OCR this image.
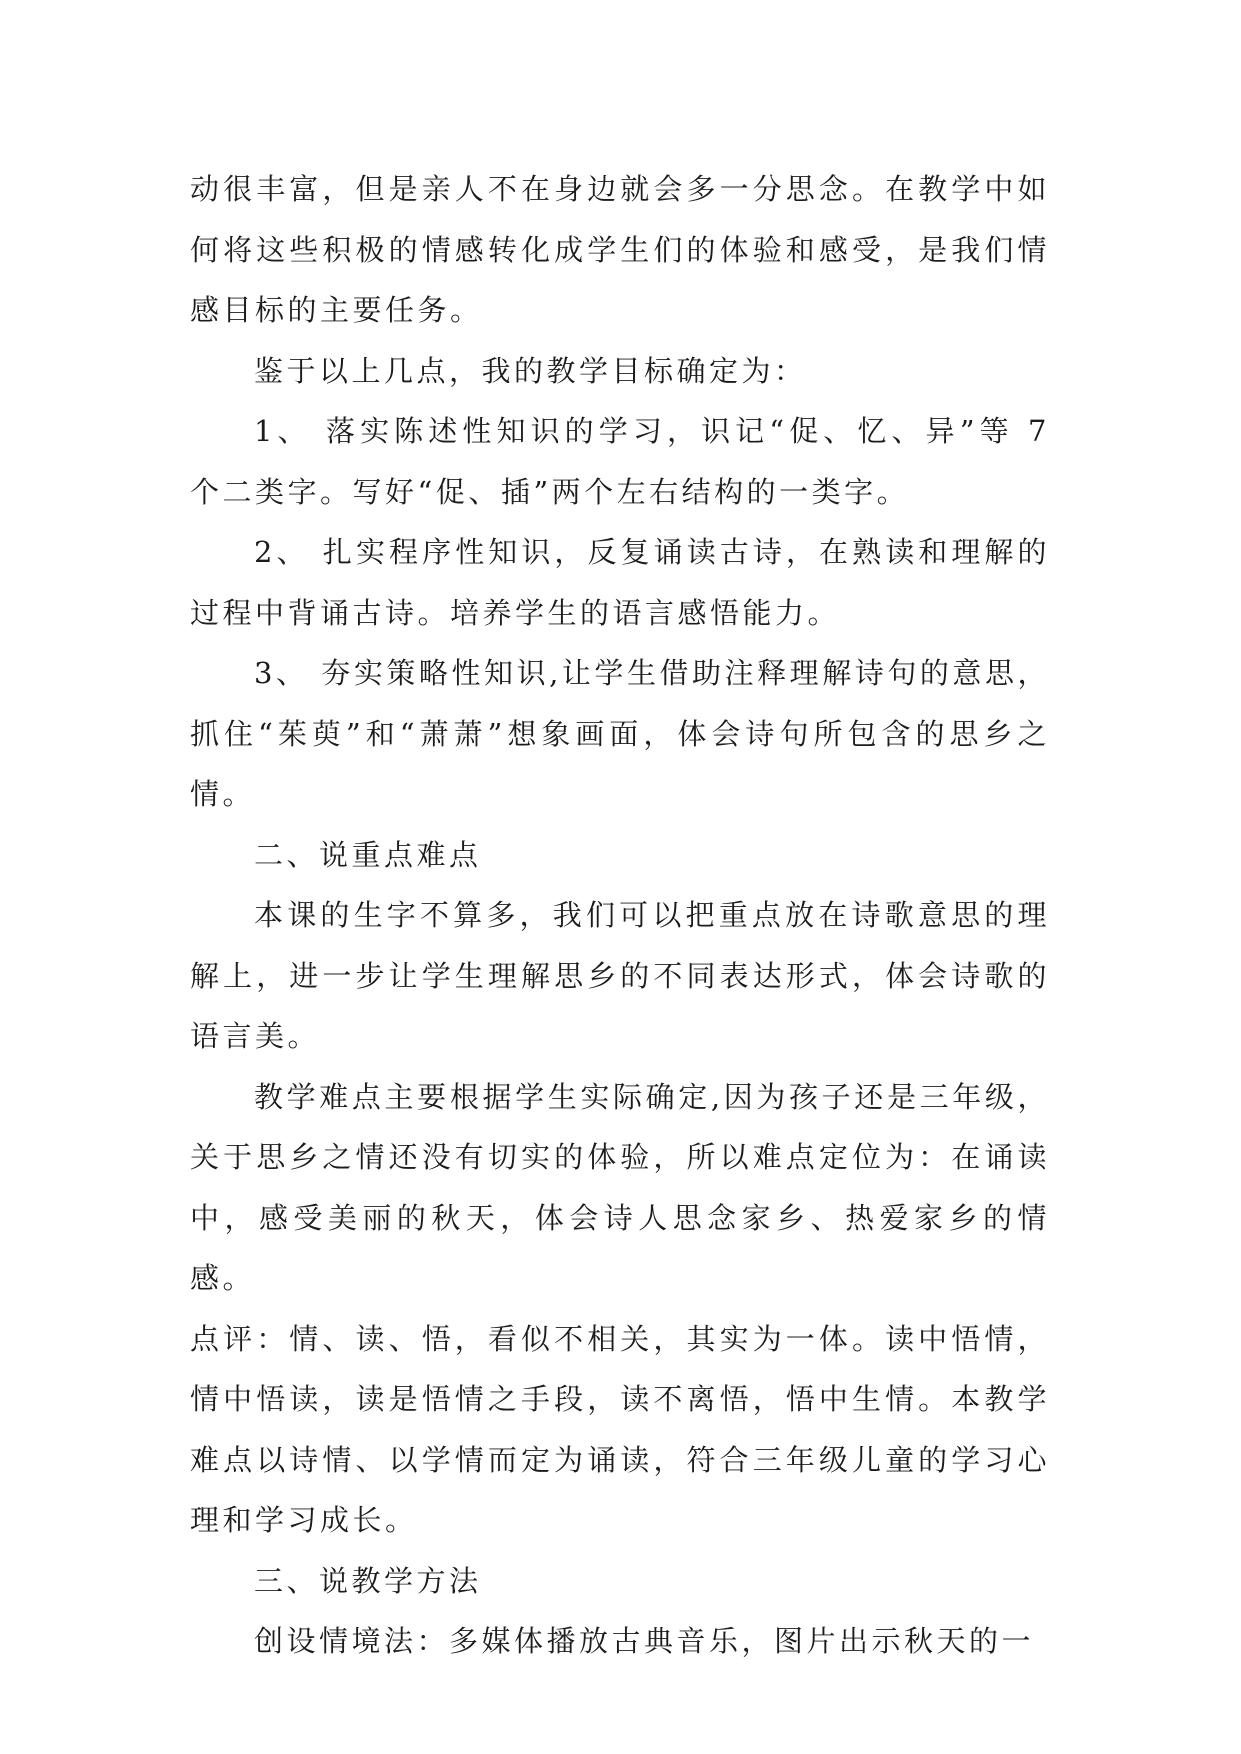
动很丰富，但是亲人不在身边就会多一分思念。在教学中如何将这些积极的情感转化成学生们的体验和感受，是我们情感目标的主要任务。

鉴于以上几点，我的教学目标确定为：

1、 落实陈述性知识的学习，识记“促、忆、异”等 7 个二类字。写好“促、插”两个左右结构的一类字。

2、 扎实程序性知识，反复诵读古诗，在熟读和理解的过程中背诵古诗。培养学生的语言感悟能力。

3、 夯实策略性知识,让学生借助注释理解诗句的意思，抓住“茱萸”和“萧萧”想象画面，体会诗句所包含的思乡之情。

二、说重点难点

本课的生字不算多，我们可以把重点放在诗歌意思的理解上，进一步让学生理解思乡的不同表达形式，体会诗歌的语言美。

教学难点主要根据学生实际确定,因为孩子还是三年级，关于思乡之情还没有切实的体验，所以难点定位为：在诵读中，感受美丽的秋天，体会诗人思念家乡、热爱家乡的情感。

点评：情、读、悟，看似不相关，其实为一体。读中悟情，情中悟读，读是悟情之手段，读不离悟，悟中生情。本教学难点以诗情、以学情而定为诵读，符合三年级儿童的学习心理和学习成长。

三、说教学方法

创设情境法：多媒体播放古典音乐，图片出示秋天的一
